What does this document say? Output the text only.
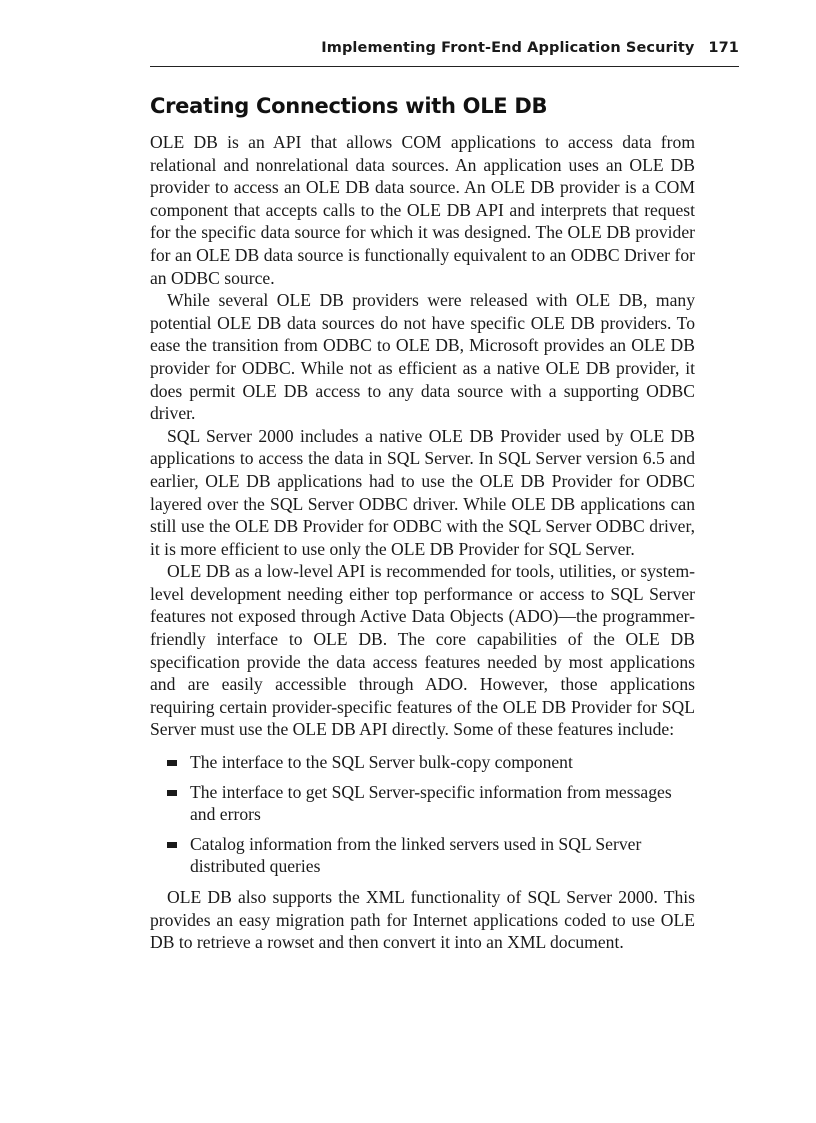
Implementing Front-End Application Security 171
Creating Connections with OLE DB

OLE DB is an API that allows COM applications to access data from relational and nonrelational data sources. An application uses an OLE DB provider to access an OLE DB data source. An OLE DB provider is a COM component that accepts calls to the OLE DB API and interprets that request for the specific data source for which it was designed. The OLE DB provider for an OLE DB data source is functionally equivalent to an ODBC Driver for an ODBC source.

While several OLE DB providers were released with OLE DB, many potential OLE DB data sources do not have specific OLE DB providers. To ease the transition from ODBC to OLE DB, Microsoft provides an OLE DB provider for ODBC. While not as efficient as a native OLE DB provider, it does permit OLE DB access to any data source with a supporting ODBC driver.

SQL Server 2000 includes a native OLE DB Provider used by OLE DB applications to access the data in SQL Server. In SQL Server version 6.5 and earlier, OLE DB applications had to use the OLE DB Provider for ODBC layered over the SQL Server ODBC driver. While OLE DB applications can still use the OLE DB Provider for ODBC with the SQL Server ODBC driver, it is more efficient to use only the OLE DB Provider for SQL Server.

OLE DB as a low-level API is recommended for tools, utilities, or system-level development needing either top performance or access to SQL Server features not exposed through Active Data Objects (ADO)—the programmer-friendly interface to OLE DB. The core capabilities of the OLE DB specification provide the data access features needed by most applications and are easily accessible through ADO. However, those applications requiring certain provider-specific features of the OLE DB Provider for SQL Server must use the OLE DB API directly. Some of these features include:

The interface to the SQL Server bulk-copy component
The interface to get SQL Server-specific information from messages and errors
Catalog information from the linked servers used in SQL Server distributed queries

OLE DB also supports the XML functionality of SQL Server 2000. This provides an easy migration path for Internet applications coded to use OLE DB to retrieve a rowset and then convert it into an XML document.
